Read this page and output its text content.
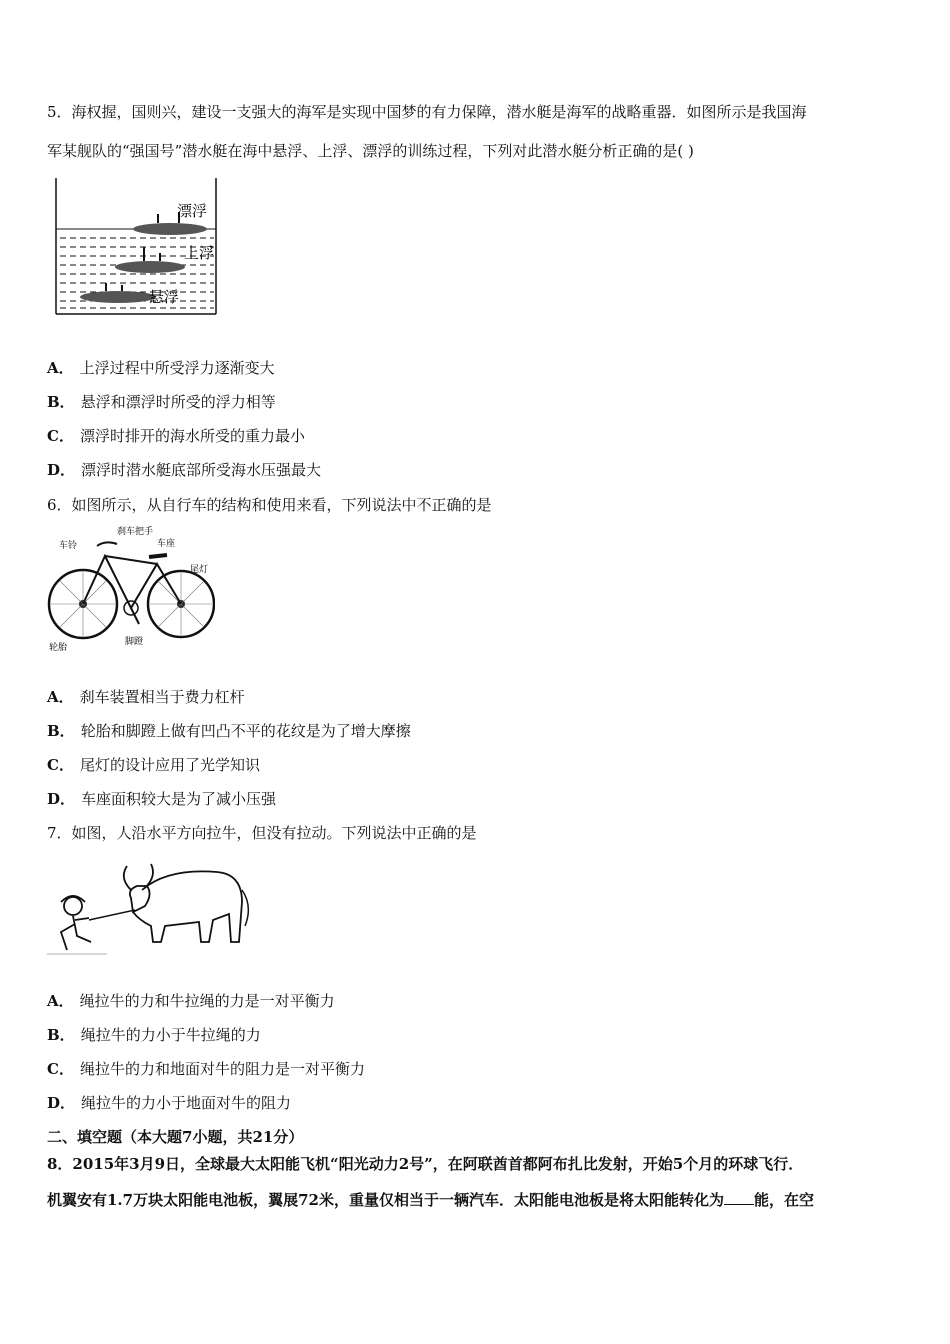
5．海权握，国则兴，建设一支强大的海军是实现中国梦的有力保障，潜水艇是海军的战略重器．如图所示是我国海
军某舰队的“强国号”潜水艇在海中悬浮、上浮、漂浮的训练过程，下列对此潜水艇分析正确的是( )
漂浮
上浮
悬浮
A． 上浮过程中所受浮力逐渐变大
B． 悬浮和漂浮时所受的浮力相等
C． 漂浮时排开的海水所受的重力最小
D． 漂浮时潜水艇底部所受海水压强最大
6．如图所示，从自行车的结构和使用来看，下列说法中不正确的是
车铃
刹车把手
车座
尾灯
轮胎
脚蹬
A． 刹车装置相当于费力杠杆
B． 轮胎和脚蹬上做有凹凸不平的花纹是为了增大摩擦
C． 尾灯的设计应用了光学知识
D． 车座面积较大是为了减小压强
7．如图，人沿水平方向拉牛，但没有拉动。下列说法中正确的是
A． 绳拉牛的力和牛拉绳的力是一对平衡力
B． 绳拉牛的力小于牛拉绳的力
C． 绳拉牛的力和地面对牛的阻力是一对平衡力
D． 绳拉牛的力小于地面对牛的阻力
二、填空题（本大题7小题，共21分）
8．2015年3月9日，全球最大太阳能飞机“阳光动力2号”，在阿联酋首都阿布扎比发射，开始5个月的环球飞行．
机翼安有1.7万块太阳能电池板，翼展72米，重量仅相当于一辆汽车．太阳能电池板是将太阳能转化为 能，在空
